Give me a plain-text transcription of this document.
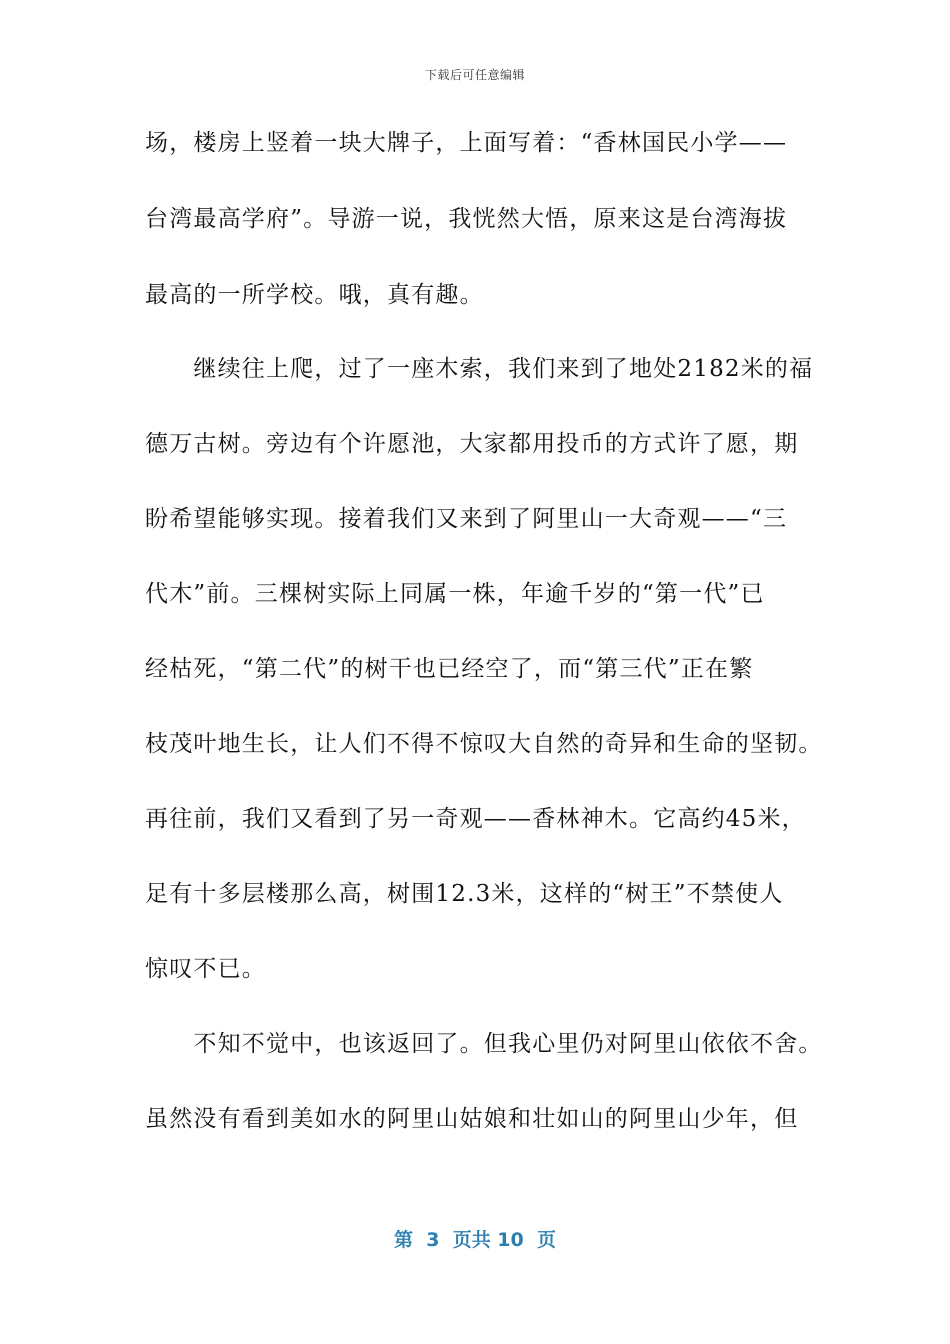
下载后可任意编辑
场，楼房上竖着一块大牌子，上面写着：“香林国民小学——
台湾最高学府”。导游一说，我恍然大悟，原来这是台湾海拔
最高的一所学校。哦，真有趣。
　　继续往上爬，过了一座木索，我们来到了地处2182米的福
德万古树。旁边有个许愿池，大家都用投币的方式许了愿，期
盼希望能够实现。接着我们又来到了阿里山一大奇观——“三
代木”前。三棵树实际上同属一株，年逾千岁的“第一代”已
经枯死，“第二代”的树干也已经空了，而“第三代”正在繁
枝茂叶地生长，让人们不得不惊叹大自然的奇异和生命的坚韧。
再往前，我们又看到了另一奇观——香林神木。它高约45米，
足有十多层楼那么高，树围12.3米，这样的“树王”不禁使人
惊叹不已。
　　不知不觉中，也该返回了。但我心里仍对阿里山依依不舍。
虽然没有看到美如水的阿里山姑娘和壮如山的阿里山少年，但
第  3  页共 10  页
